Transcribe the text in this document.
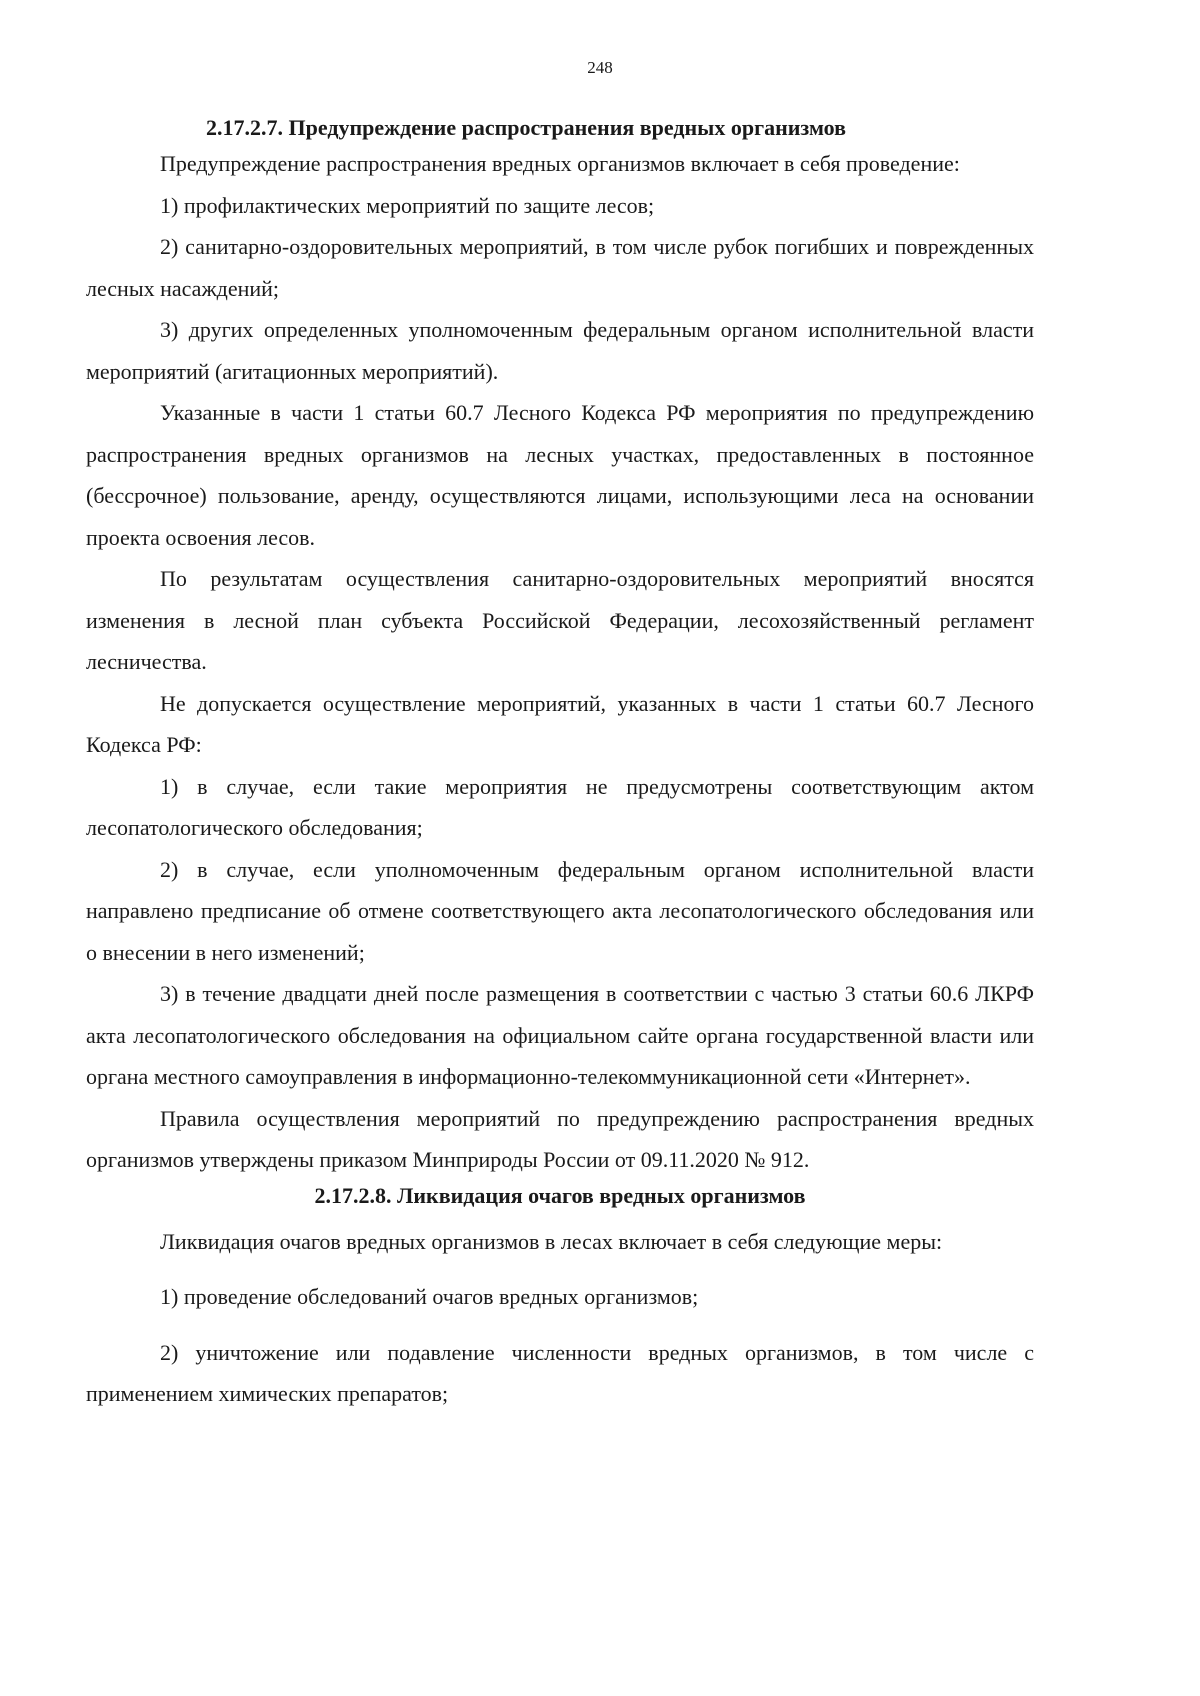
248
2.17.2.7. Предупреждение распространения вредных организмов

Предупреждение распространения вредных организмов включает в себя проведение:

1) профилактических мероприятий по защите лесов;

2) санитарно-оздоровительных мероприятий, в том числе рубок погибших и поврежденных лесных насаждений;

3) других определенных уполномоченным федеральным органом исполнительной власти мероприятий (агитационных мероприятий).

Указанные в части 1 статьи 60.7 Лесного Кодекса РФ мероприятия по предупреждению распространения вредных организмов на лесных участках, предоставленных в постоянное (бессрочное) пользование, аренду, осуществляются лицами, использующими леса на основании проекта освоения лесов.

По результатам осуществления санитарно-оздоровительных мероприятий вносятся изменения в лесной план субъекта Российской Федерации, лесохозяйственный регламент лесничества.

Не допускается осуществление мероприятий, указанных в части 1 статьи 60.7 Лесного Кодекса РФ:

1) в случае, если такие мероприятия не предусмотрены соответствующим актом лесопатологического обследования;

2) в случае, если уполномоченным федеральным органом исполнительной власти направлено предписание об отмене соответствующего акта лесопатологического обследования или о внесении в него изменений;

3) в течение двадцати дней после размещения в соответствии с частью 3 статьи 60.6 ЛКРФ акта лесопатологического обследования на официальном сайте органа государственной власти или органа местного самоуправления в информационно-телекоммуникационной сети «Интернет».

Правила осуществления мероприятий по предупреждению распространения вредных организмов утверждены приказом Минприроды России от 09.11.2020 № 912.

2.17.2.8. Ликвидация очагов вредных организмов

Ликвидация очагов вредных организмов в лесах включает в себя следующие меры:

1) проведение обследований очагов вредных организмов;

2) уничтожение или подавление численности вредных организмов, в том числе с применением химических препаратов;
